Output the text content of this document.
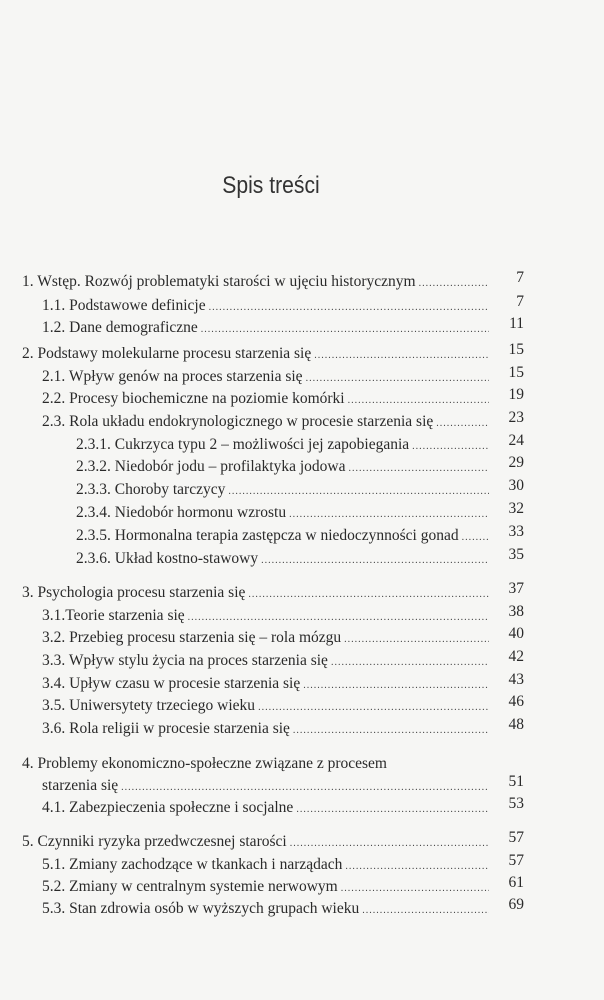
Spis treści
1. Wstęp. Rozwój problematyki starości w ujęciu historycznym .....	7
1.1. Podstawowe definicje .....	7
1.2. Dane demograficzne .....	11
2. Podstawy molekularne procesu starzenia się .....	15
2.1. Wpływ genów na proces starzenia się .....	15
2.2. Procesy biochemiczne na poziomie komórki .....	19
2.3. Rola układu endokrynologicznego w procesie starzenia się .....	23
2.3.1. Cukrzyca typu 2 – możliwości jej zapobiegania .....	24
2.3.2. Niedobór jodu – profilaktyka jodowa .....	29
2.3.3. Choroby tarczycy .....	30
2.3.4. Niedobór hormonu wzrostu .....	32
2.3.5. Hormonalna terapia zastępcza w niedoczynności gonad .....	33
2.3.6. Układ kostno-stawowy .....	35
3. Psychologia procesu starzenia się .....	37
3.1.Teorie starzenia się .....	38
3.2. Przebieg procesu starzenia się – rola mózgu .....	40
3.3. Wpływ stylu życia na proces starzenia się .....	42
3.4. Upływ czasu w procesie starzenia się .....	43
3.5. Uniwersytety trzeciego wieku .....	46
3.6. Rola religii w procesie starzenia się .....	48
4. Problemy ekonomiczno-społeczne związane z procesem
starzenia się .....	51
4.1. Zabezpieczenia społeczne i socjalne .....	53
5. Czynniki ryzyka przedwczesnej starości .....	57
5.1. Zmiany zachodzące w tkankach i narządach .....	57
5.2. Zmiany w centralnym systemie nerwowym .....	61
5.3. Stan zdrowia osób w wyższych grupach wieku .....	69
